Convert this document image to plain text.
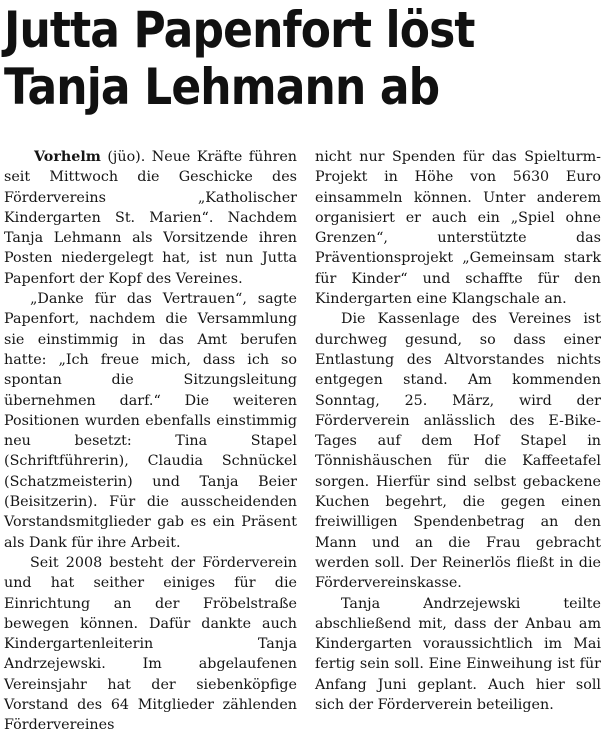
Jutta Papenfort löst
Tanja Lehmann ab

Vorhelm (jüo). Neue Kräfte führen seit Mittwoch die Geschicke des Fördervereins „Katholischer Kindergarten St. Marien“. Nachdem Tanja Lehmann als Vorsitzende ihren Posten niedergelegt hat, ist nun Jutta Papenfort der Kopf des Vereines.

„Danke für das Vertrauen“, sagte Papenfort, nachdem die Versammlung sie einstimmig in das Amt berufen hatte: „Ich freue mich, dass ich so spontan die Sitzungsleitung übernehmen darf.“ Die weiteren Positionen wurden ebenfalls einstimmig neu besetzt: Tina Stapel (Schriftführerin), Claudia Schnückel (Schatzmeisterin) und Tanja Beier (Beisitzerin). Für die ausscheidenden Vorstandsmitglieder gab es ein Präsent als Dank für ihre Arbeit.

Seit 2008 besteht der Förderverein und hat seither einiges für die Einrichtung an der Fröbelstraße bewegen können. Dafür dankte auch Kindergartenleiterin Tanja Andrzejewski. Im abgelaufenen Vereinsjahr hat der siebenköpfige Vorstand des 64 Mitglieder zählenden Fördervereines

nicht nur Spenden für das Spielturm-Projekt in Höhe von 5630 Euro einsammeln können. Unter anderem organisiert er auch ein „Spiel ohne Grenzen“, unterstützte das Präventionsprojekt „Gemeinsam stark für Kinder“ und schaffte für den Kindergarten eine Klangschale an.

Die Kassenlage des Vereines ist durchweg gesund, so dass einer Entlastung des Altvorstandes nichts entgegen stand. Am kommenden Sonntag, 25. März, wird der Förderverein anlässlich des E-Bike-Tages auf dem Hof Stapel in Tönnishäuschen für die Kaffeetafel sorgen. Hierfür sind selbst gebackene Kuchen begehrt, die gegen einen freiwilligen Spendenbetrag an den Mann und an die Frau gebracht werden soll. Der Reinerlös fließt in die Fördervereinskasse.

Tanja Andrzejewski teilte abschließend mit, dass der Anbau am Kindergarten voraussichtlich im Mai fertig sein soll. Eine Einweihung ist für Anfang Juni geplant. Auch hier soll sich der Förderverein beteiligen.
